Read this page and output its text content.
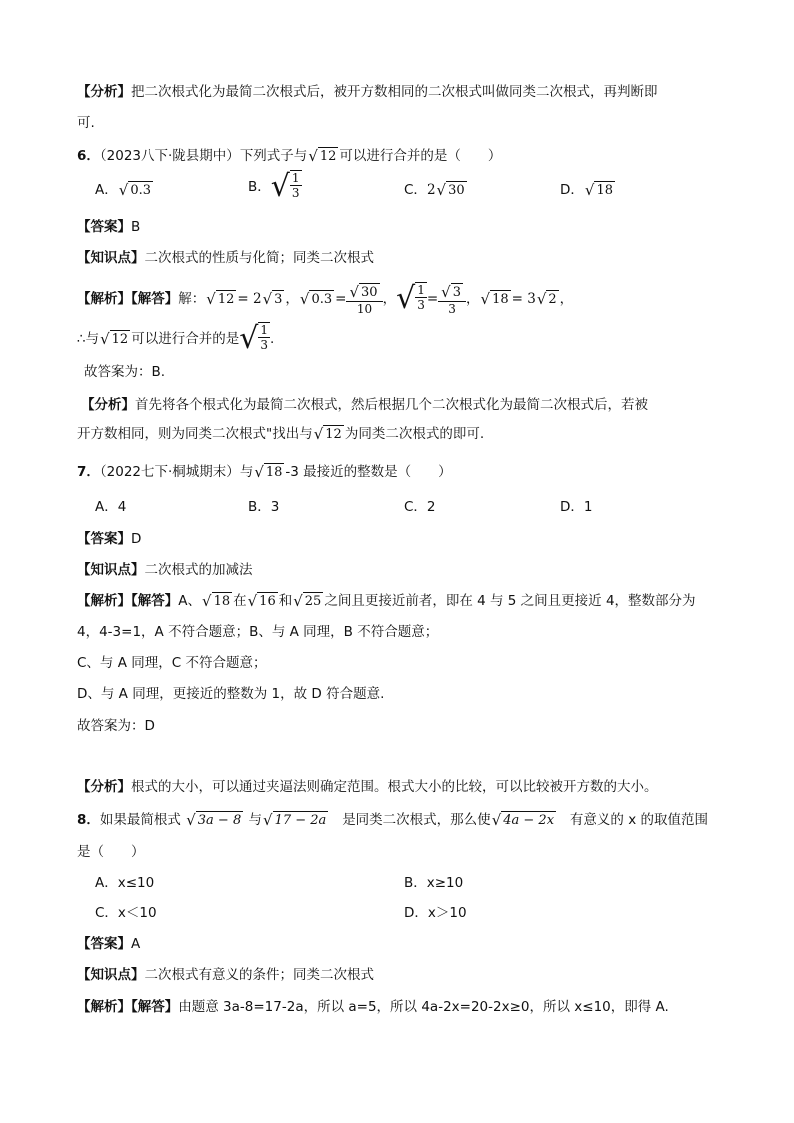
【分析】把二次根式化为最简二次根式后，被开方数相同的二次根式叫做同类二次根式，再判断即
可.
6．（2023八下·陇县期中）下列式子与 √ 12 可以进行合并的是（　　）
A． √ 0.3	B． √ $\frac{1}{3}$	C．2 √ 30	D． √ 18
【答案】B
【知识点】二次根式的性质与化简；同类二次根式
【解析】【解答】解： √ 12 = 2 √ 3 ， √ $0.3 = \frac{√ 30}{10}$ ， √ $\frac{1}{3} = \frac{√ 3}{3}$ ， √ 18 = 3 √ 2 ，
∴与 √ 12 可以进行合并的是 √ $\frac{1}{3}$ .
故答案为：B.
【分析】首先将各个根式化为最简二次根式，然后根据几个二次根式化为最简二次根式后，若被
开方数相同，则为同类二次根式"找出与 √ 12 为同类二次根式的即可.
7．（2022七下·桐城期末）与 √ 18 -3 最接近的整数是（　　）
A．4	B．3	C．2	D．1
【答案】D
【知识点】二次根式的加减法
【解析】【解答】A、 √ 18 在 √ 16 和 √ 25 之间且更接近前者，即在 4 与 5 之间且更接近 4，整数部分为
4，4-3=1，A 不符合题意；B、与 A 同理，B 不符合题意；
C、与 A 同理，C 不符合题意；
D、与 A 同理，更接近的整数为 1，故 D 符合题意.
故答案为：D
【分析】根式的大小，可以通过夹逼法则确定范围。根式大小的比较，可以比较被开方数的大小。
8．如果最简根式 √ 3a − 8 与 √ 17 − 2a 是同类二次根式，那么使 √ 4a − 2x 有意义的 x 的取值范围
是（　　）
A．x≤10	B．x≥10
C．x＜10	D．x＞10
【答案】A
【知识点】二次根式有意义的条件；同类二次根式
【解析】【解答】由题意 3a-8=17-2a，所以 a=5，所以 4a-2x=20-2x≥0，所以 x≤10，即得 A.
